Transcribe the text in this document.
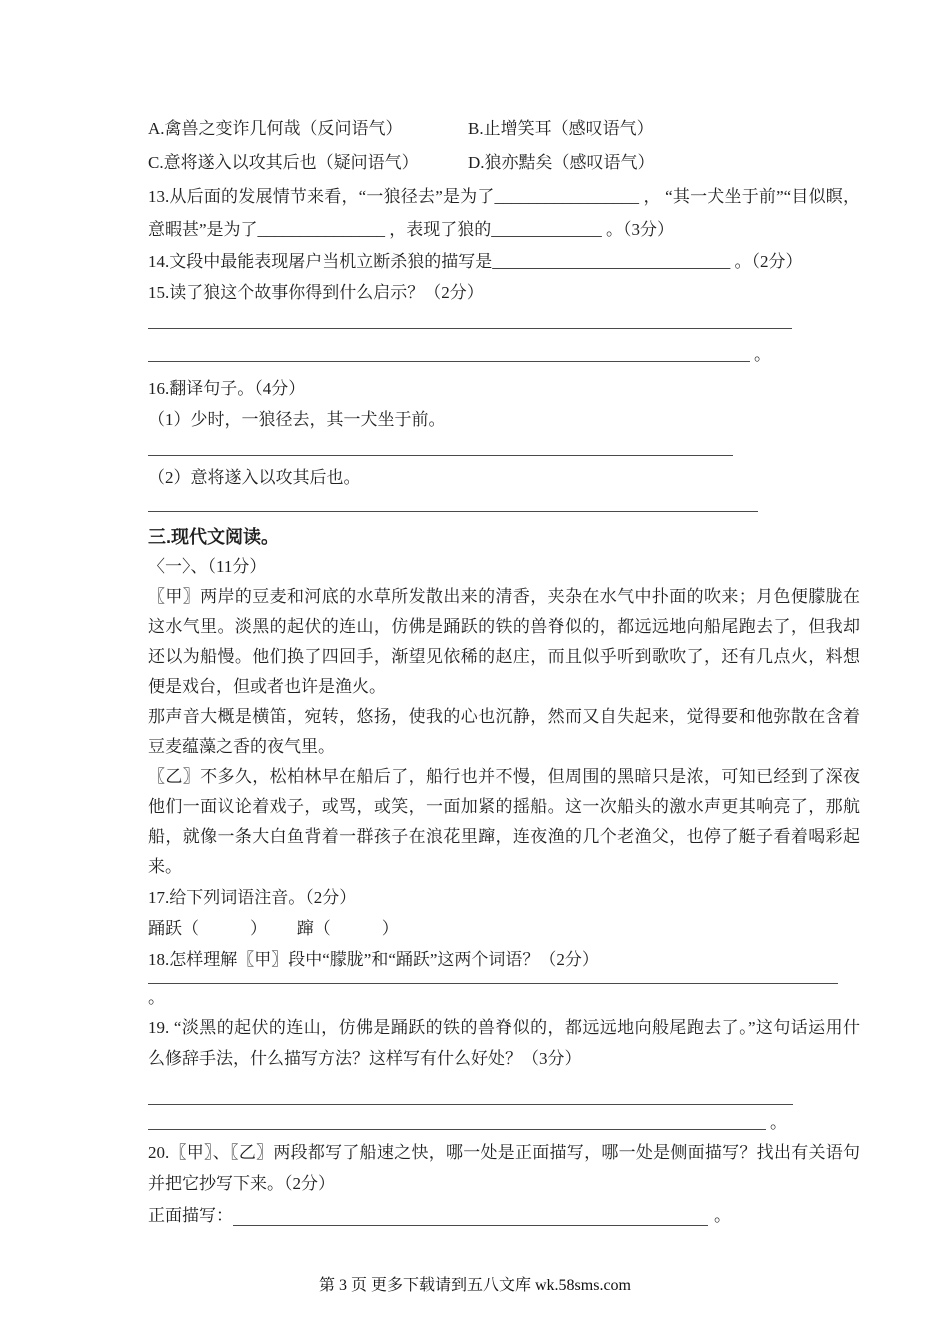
A.禽兽之变诈几何哉（反问语气）	B.止增笑耳（感叹语气）
C.意将遂入以攻其后也（疑问语气）	D.狼亦黠矣（感叹语气）
13.从后面的发展情节来看，“一狼径去”是为了_________________ ， “其一犬坐于前”“目似瞑，意暇甚”是为了_______________ ，表现了狼的_____________ 。（3分）
14.文段中最能表现屠户当机立断杀狼的描写是____________________________ 。（2分）
15.读了狼这个故事你得到什么启示？（2分）
。
16.翻译句子。（4分）
（1）少时，一狼径去，其一犬坐于前。
（2）意将遂入以攻其后也。
三.现代文阅读。
〈一〉、（11分）
〖甲〗两岸的豆麦和河底的水草所发散出来的清香，夹杂在水气中扑面的吹来；月色便朦胧在这水气里。淡黑的起伏的连山，仿佛是踊跃的铁的兽脊似的，都远远地向船尾跑去了，但我却还以为船慢。他们换了四回手，渐望见依稀的赵庄，而且似乎听到歌吹了，还有几点火，料想便是戏台，但或者也许是渔火。
那声音大概是横笛，宛转，悠扬，使我的心也沉静，然而又自失起来，觉得要和他弥散在含着豆麦蕴藻之香的夜气里。
〖乙〗不多久，松柏林早在船后了，船行也并不慢，但周围的黑暗只是浓，可知已经到了深夜他们一面议论着戏子，或骂，或笑，一面加紧的摇船。这一次船头的激水声更其响亮了，那航船，就像一条大白鱼背着一群孩子在浪花里蹿，连夜渔的几个老渔父，也停了艇子看着喝彩起来。
17.给下列词语注音。（2分）
踊跃（            ）       蹿（            ）
18.怎样理解〖甲〗段中“朦胧”和“踊跃”这两个词语？（2分）
。
19. “淡黑的起伏的连山，仿佛是踊跃的铁的兽脊似的，都远远地向般尾跑去了。”这句话运用什么修辞手法，什么描写方法？这样写有什么好处？（3分）
。
20.〖甲〗、〖乙〗两段都写了船速之快，哪一处是正面描写，哪一处是侧面描写？找出有关语句并把它抄写下来。（2分）
正面描写：	。
第 3 页 更多下载请到五八文库 wk.58sms.com
